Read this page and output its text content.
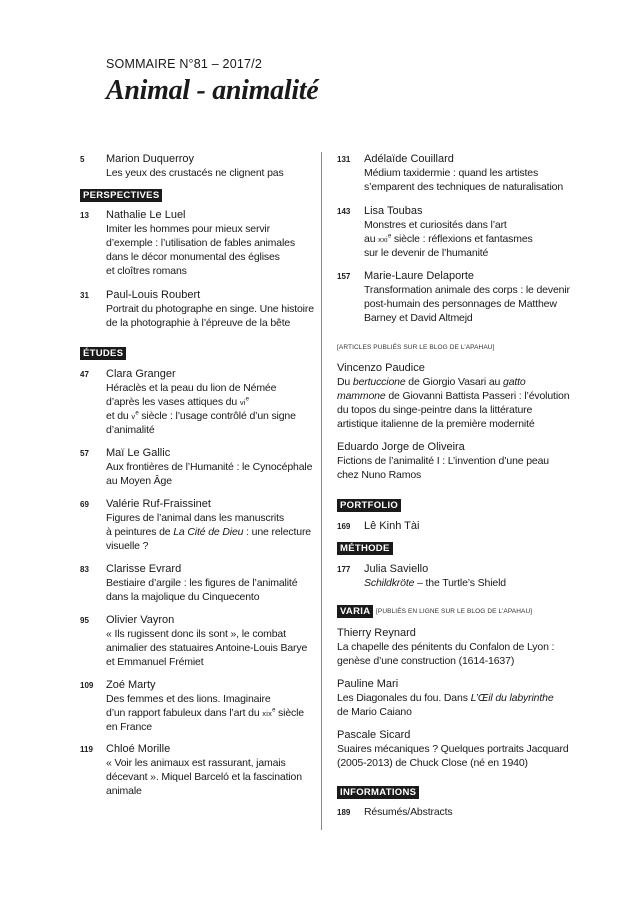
SOMMAIRE N°81 – 2017/2
Animal - animalité
5 Marion Duquerroy
Les yeux des crustacés ne clignent pas
PERSPECTIVES
13 Nathalie Le Luel
Imiter les hommes pour mieux servir
d’exemple : l’utilisation de fables animales
dans le décor monumental des églises
et cloîtres romans
31 Paul-Louis Roubert
Portrait du photographe en singe. Une histoire
de la photographie à l’épreuve de la bête
ÉTUDES
47 Clara Granger
Héraclès et la peau du lion de Némée
d’après les vases attiques du $vi^e$
et du $v^e$ siècle : l’usage contrôlé d’un signe
d’animalité
57 Maï Le Gallic
Aux frontières de l’Humanité : le Cynocéphale
au Moyen Âge
69 Valérie Ruf-Fraissinet
Figures de l’animal dans les manuscrits
à peintures de La Cité de Dieu : une relecture
visuelle ?
83 Clarisse Evrard
Bestiaire d’argile : les figures de l’animalité
dans la majolique du Cinquecento
95 Olivier Vayron
« Ils rugissent donc ils sont », le combat
animalier des statuaires Antoine-Louis Barye
et Emmanuel Frémiet
109 Zoé Marty
Des femmes et des lions. Imaginaire
d’un rapport fabuleux dans l’art du xix$^e$ siècle
en France
119 Chloé Morille
« Voir les animaux est rassurant, jamais
décevant ». Miquel Barceló et la fascination
animale
131 Adélaïde Couillard
Médium taxidermie : quand les artistes
s’emparent des techniques de naturalisation
143 Lisa Toubas
Monstres et curiosités dans l’art
au xxi$^e$ siècle : réflexions et fantasmes
sur le devenir de l’humanité
157 Marie-Laure Delaporte
Transformation animale des corps : le devenir
post-humain des personnages de Matthew
Barney et David Altmejd
[ARTICLES PUBLIÉS SUR LE BLOG DE L’APAHAU]
Vincenzo Paudice
Du bertuccione de Giorgio Vasari au gatto
mammone de Giovanni Battista Passeri : l’évolution
du topos du singe-peintre dans la littérature
artistique italienne de la première modernité
Eduardo Jorge de Oliveira
Fictions de l’animalité I : L’invention d’une peau
chez Nuno Ramos
PORTFOLIO
169 Lê Kinh Tài
MÉTHODE
177 Julia Saviello
Schildkröte – the Turtle’s Shield
VARIA [PUBLIÉS EN LIGNE SUR LE BLOG DE L’APAHAU]
Thierry Reynard
La chapelle des pénitents du Confalon de Lyon :
genèse d’une construction (1614-1637)
Pauline Mari
Les Diagonales du fou. Dans L’Œil du labyrinthe
de Mario Caiano
Pascale Sicard
Suaires mécaniques ? Quelques portraits Jacquard
(2005-2013) de Chuck Close (né en 1940)
INFORMATIONS
189 Résumés/Abstracts
